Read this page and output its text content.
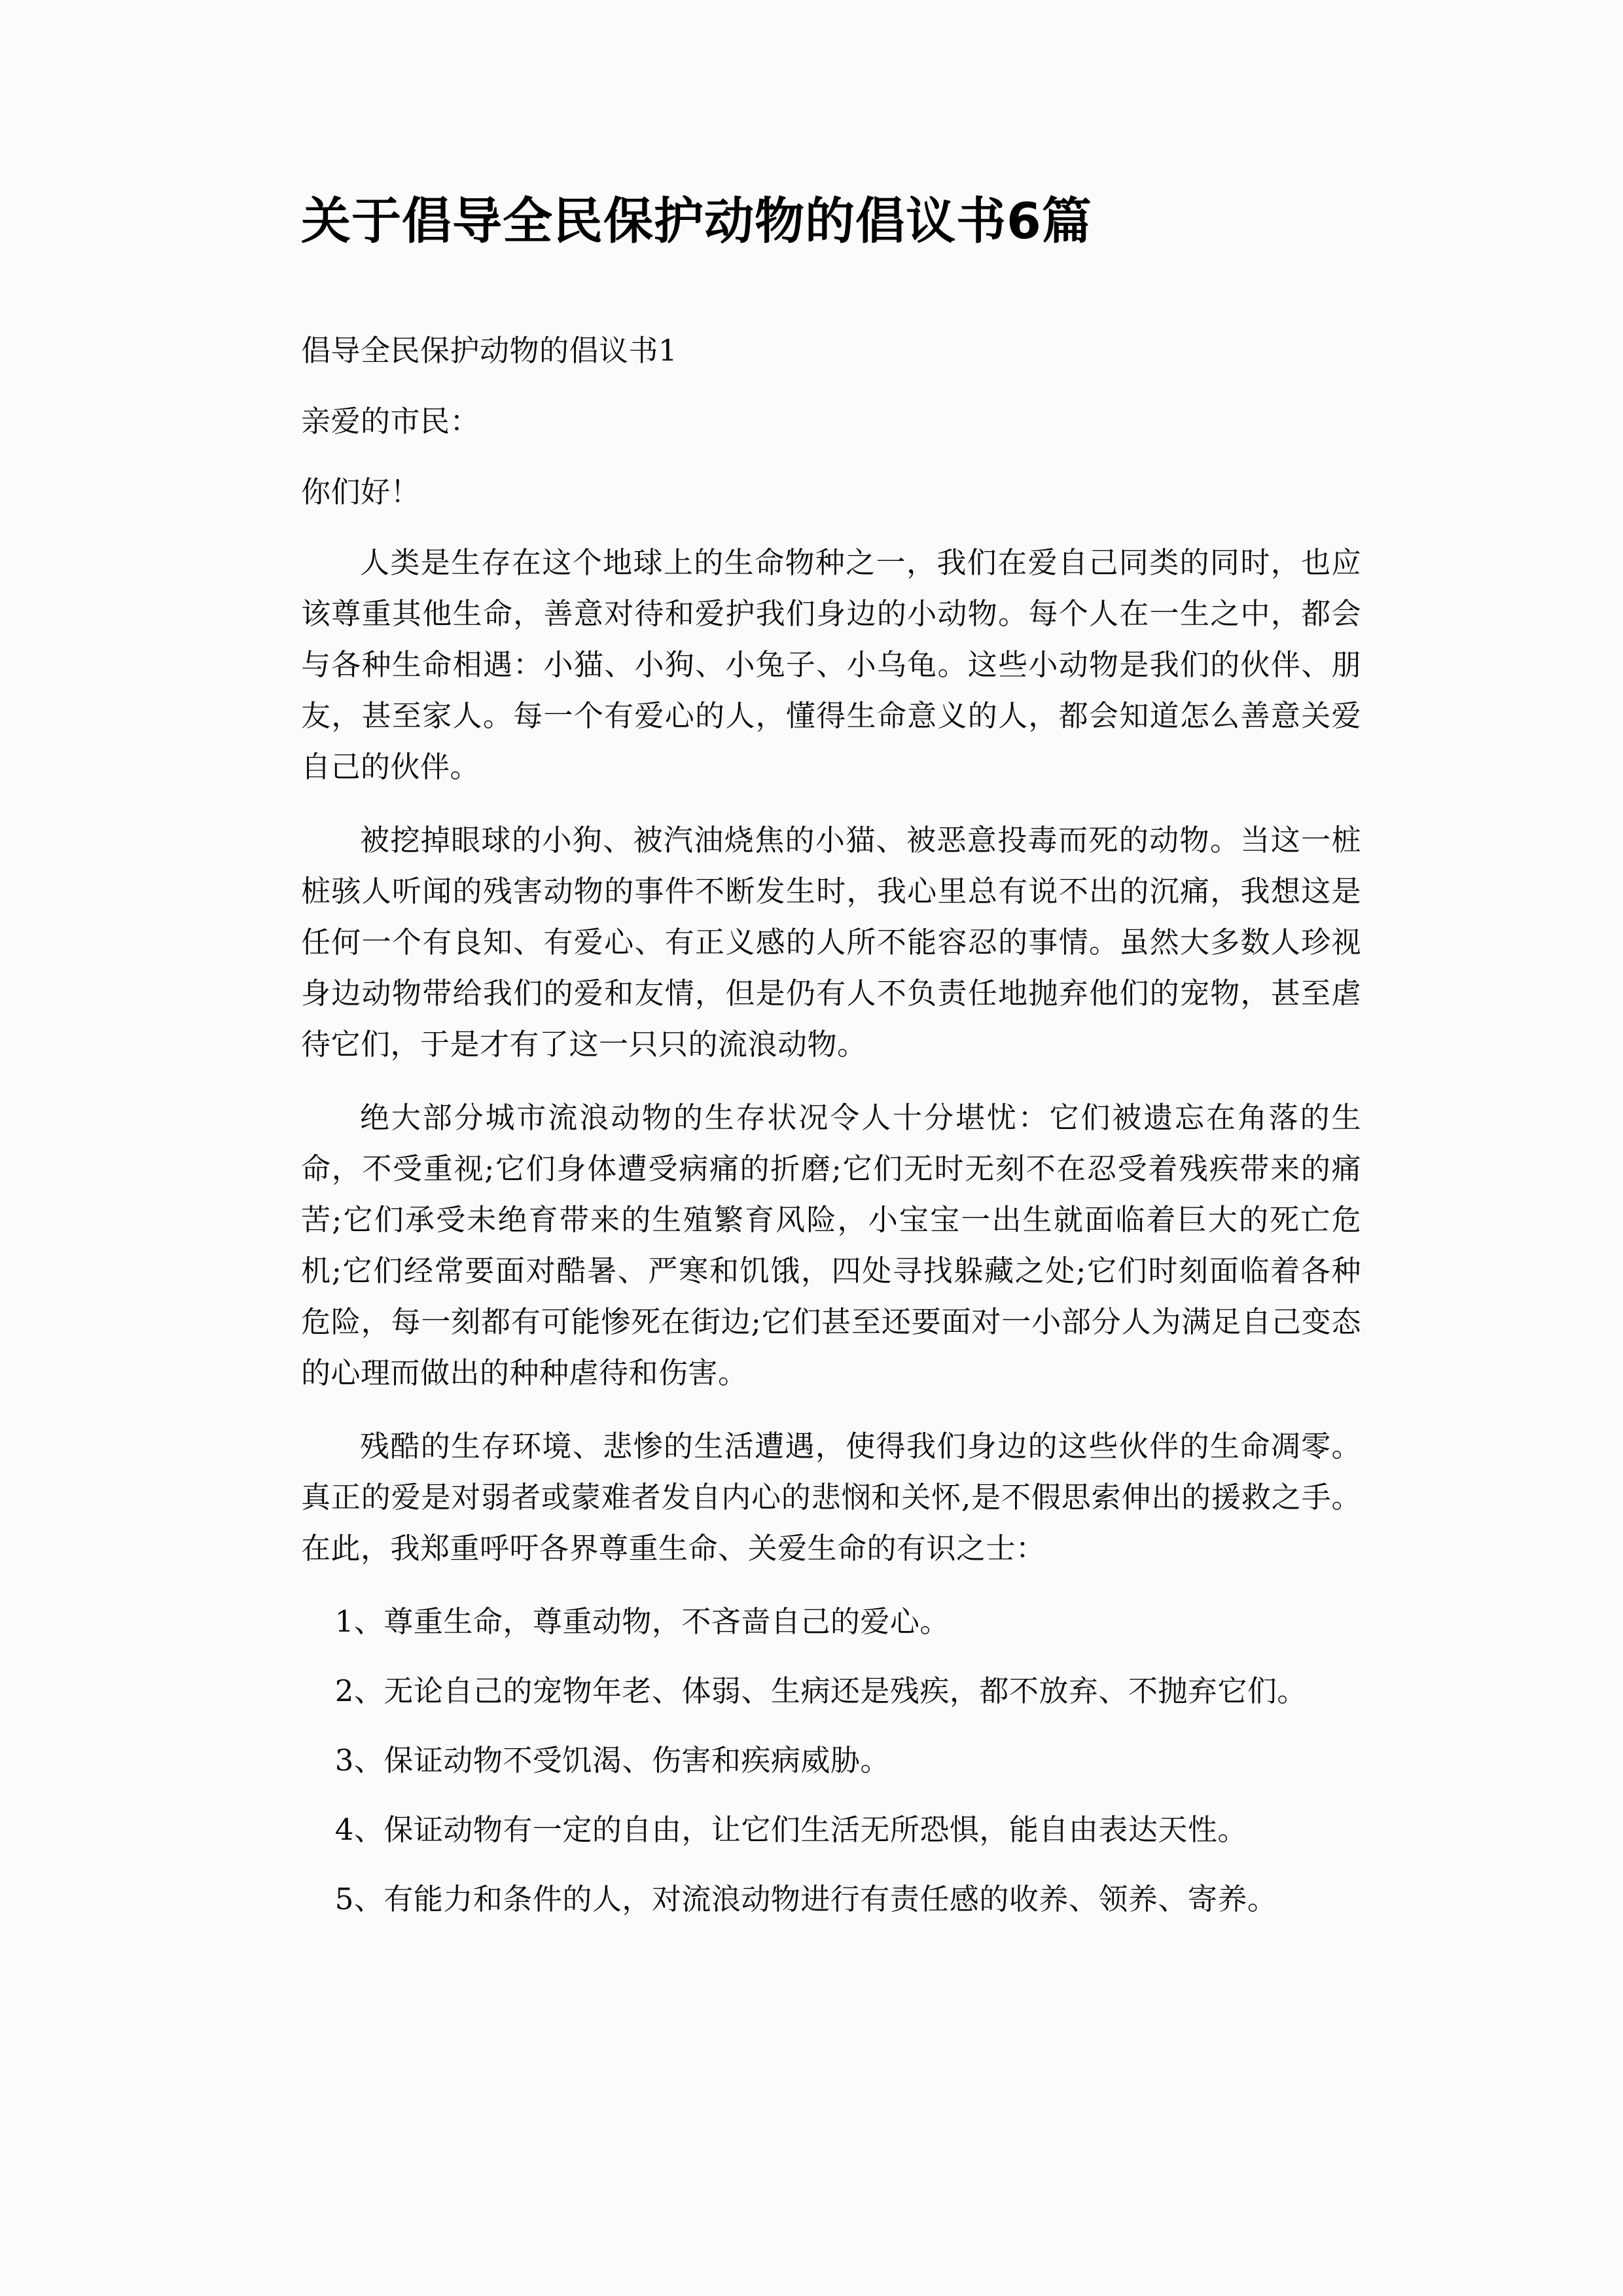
关于倡导全民保护动物的倡议书6篇

倡导全民保护动物的倡议书1

亲爱的市民：

你们好！

人类是生存在这个地球上的生命物种之一，我们在爱自己同类的同时，也应该尊重其他生命，善意对待和爱护我们身边的小动物。每个人在一生之中，都会与各种生命相遇：小猫、小狗、小兔子、小乌龟。这些小动物是我们的伙伴、朋友，甚至家人。每一个有爱心的人，懂得生命意义的人，都会知道怎么善意关爱自己的伙伴。

被挖掉眼球的小狗、被汽油烧焦的小猫、被恶意投毒而死的动物。当这一桩桩骇人听闻的残害动物的事件不断发生时，我心里总有说不出的沉痛，我想这是任何一个有良知、有爱心、有正义感的人所不能容忍的事情。虽然大多数人珍视身边动物带给我们的爱和友情，但是仍有人不负责任地抛弃他们的宠物，甚至虐待它们，于是才有了这一只只的流浪动物。

绝大部分城市流浪动物的生存状况令人十分堪忧：它们被遗忘在角落的生命，不受重视;它们身体遭受病痛的折磨;它们无时无刻不在忍受着残疾带来的痛苦;它们承受未绝育带来的生殖繁育风险，小宝宝一出生就面临着巨大的死亡危机;它们经常要面对酷暑、严寒和饥饿，四处寻找躲藏之处;它们时刻面临着各种危险，每一刻都有可能惨死在街边;它们甚至还要面对一小部分人为满足自己变态的心理而做出的种种虐待和伤害。

残酷的生存环境、悲惨的生活遭遇，使得我们身边的这些伙伴的生命凋零。真正的爱是对弱者或蒙难者发自内心的悲悯和关怀,是不假思索伸出的援救之手。在此，我郑重呼吁各界尊重生命、关爱生命的有识之士：

1、尊重生命，尊重动物，不吝啬自己的爱心。

2、无论自己的宠物年老、体弱、生病还是残疾，都不放弃、不抛弃它们。

3、保证动物不受饥渴、伤害和疾病威胁。

4、保证动物有一定的自由，让它们生活无所恐惧，能自由表达天性。

5、有能力和条件的人，对流浪动物进行有责任感的收养、领养、寄养。
